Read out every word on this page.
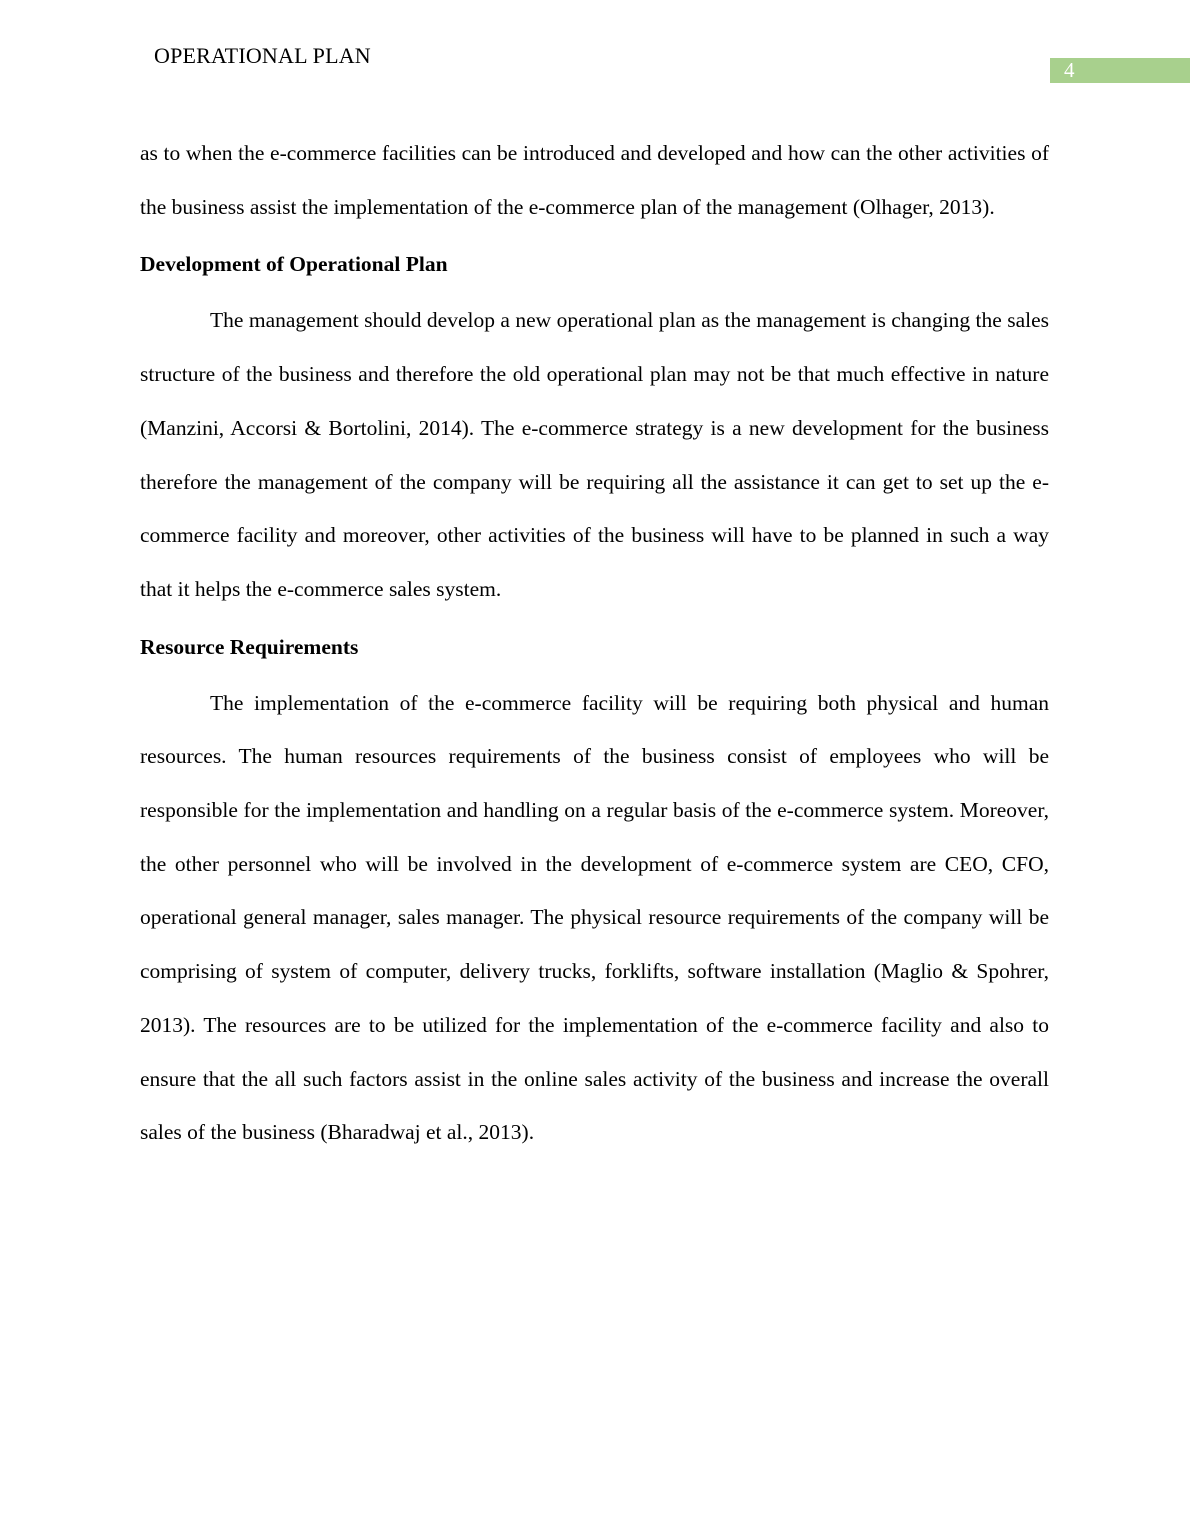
OPERATIONAL PLAN
4

as to when the e-commerce facilities can be introduced and developed and how can the other activities of the business assist the implementation of the e-commerce plan of the management (Olhager, 2013).

Development of Operational Plan

The management should develop a new operational plan as the management is changing the sales structure of the business and therefore the old operational plan may not be that much effective in nature (Manzini, Accorsi & Bortolini, 2014). The e-commerce strategy is a new development for the business therefore the management of the company will be requiring all the assistance it can get to set up the e-commerce facility and moreover, other activities of the business will have to be planned in such a way that it helps the e-commerce sales system.

Resource Requirements

The implementation of the e-commerce facility will be requiring both physical and human resources. The human resources requirements of the business consist of employees who will be responsible for the implementation and handling on a regular basis of the e-commerce system. Moreover, the other personnel who will be involved in the development of e-commerce system are CEO, CFO, operational general manager, sales manager. The physical resource requirements of the company will be comprising of system of computer, delivery trucks, forklifts, software installation (Maglio & Spohrer, 2013). The resources are to be utilized for the implementation of the e-commerce facility and also to ensure that the all such factors assist in the online sales activity of the business and increase the overall sales of the business (Bharadwaj et al., 2013).
